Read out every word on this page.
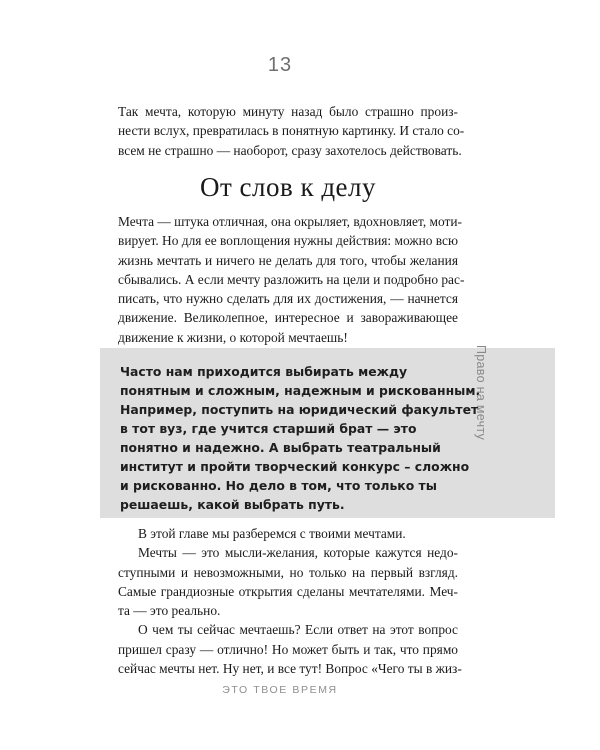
13
Так мечта, которую минуту назад было страшно произ-
нести вслух, превратилась в понятную картинку. И стало со-
всем не страшно — наоборот, сразу захотелось действовать.
От слов к делу
Мечта — штука отличная, она окрыляет, вдохновляет, моти-
вирует. Но для ее воплощения нужны действия: можно всю
жизнь мечтать и ничего не делать для того, чтобы желания
сбывались. А если мечту разложить на цели и подробно рас-
писать, что нужно сделать для их достижения, — начнется
движение. Великолепное, интересное и завораживающее
движение к жизни, о которой мечтаешь!
Часто нам приходится выбирать между
понятным и сложным, надежным и рискованным.
Например, поступить на юридический факультет
в тот вуз, где учится старший брат — это
понятно и надежно. А выбрать театральный
институт и пройти творческий конкурс – сложно
и рискованно. Но дело в том, что только ты
решаешь, какой выбрать путь.
Право на мечту
В этой главе мы разберемся с твоими мечтами.
Мечты — это мысли-желания, которые кажутся недо-
ступными и невозможными, но только на первый взгляд.
Самые грандиозные открытия сделаны мечтателями. Меч-
та — это реально.
О чем ты сейчас мечтаешь? Если ответ на этот вопрос
пришел сразу — отлично! Но может быть и так, что прямо
сейчас мечты нет. Ну нет, и все тут! Вопрос «Чего ты в жиз-
ЭТО ТВОЕ ВРЕМЯ
